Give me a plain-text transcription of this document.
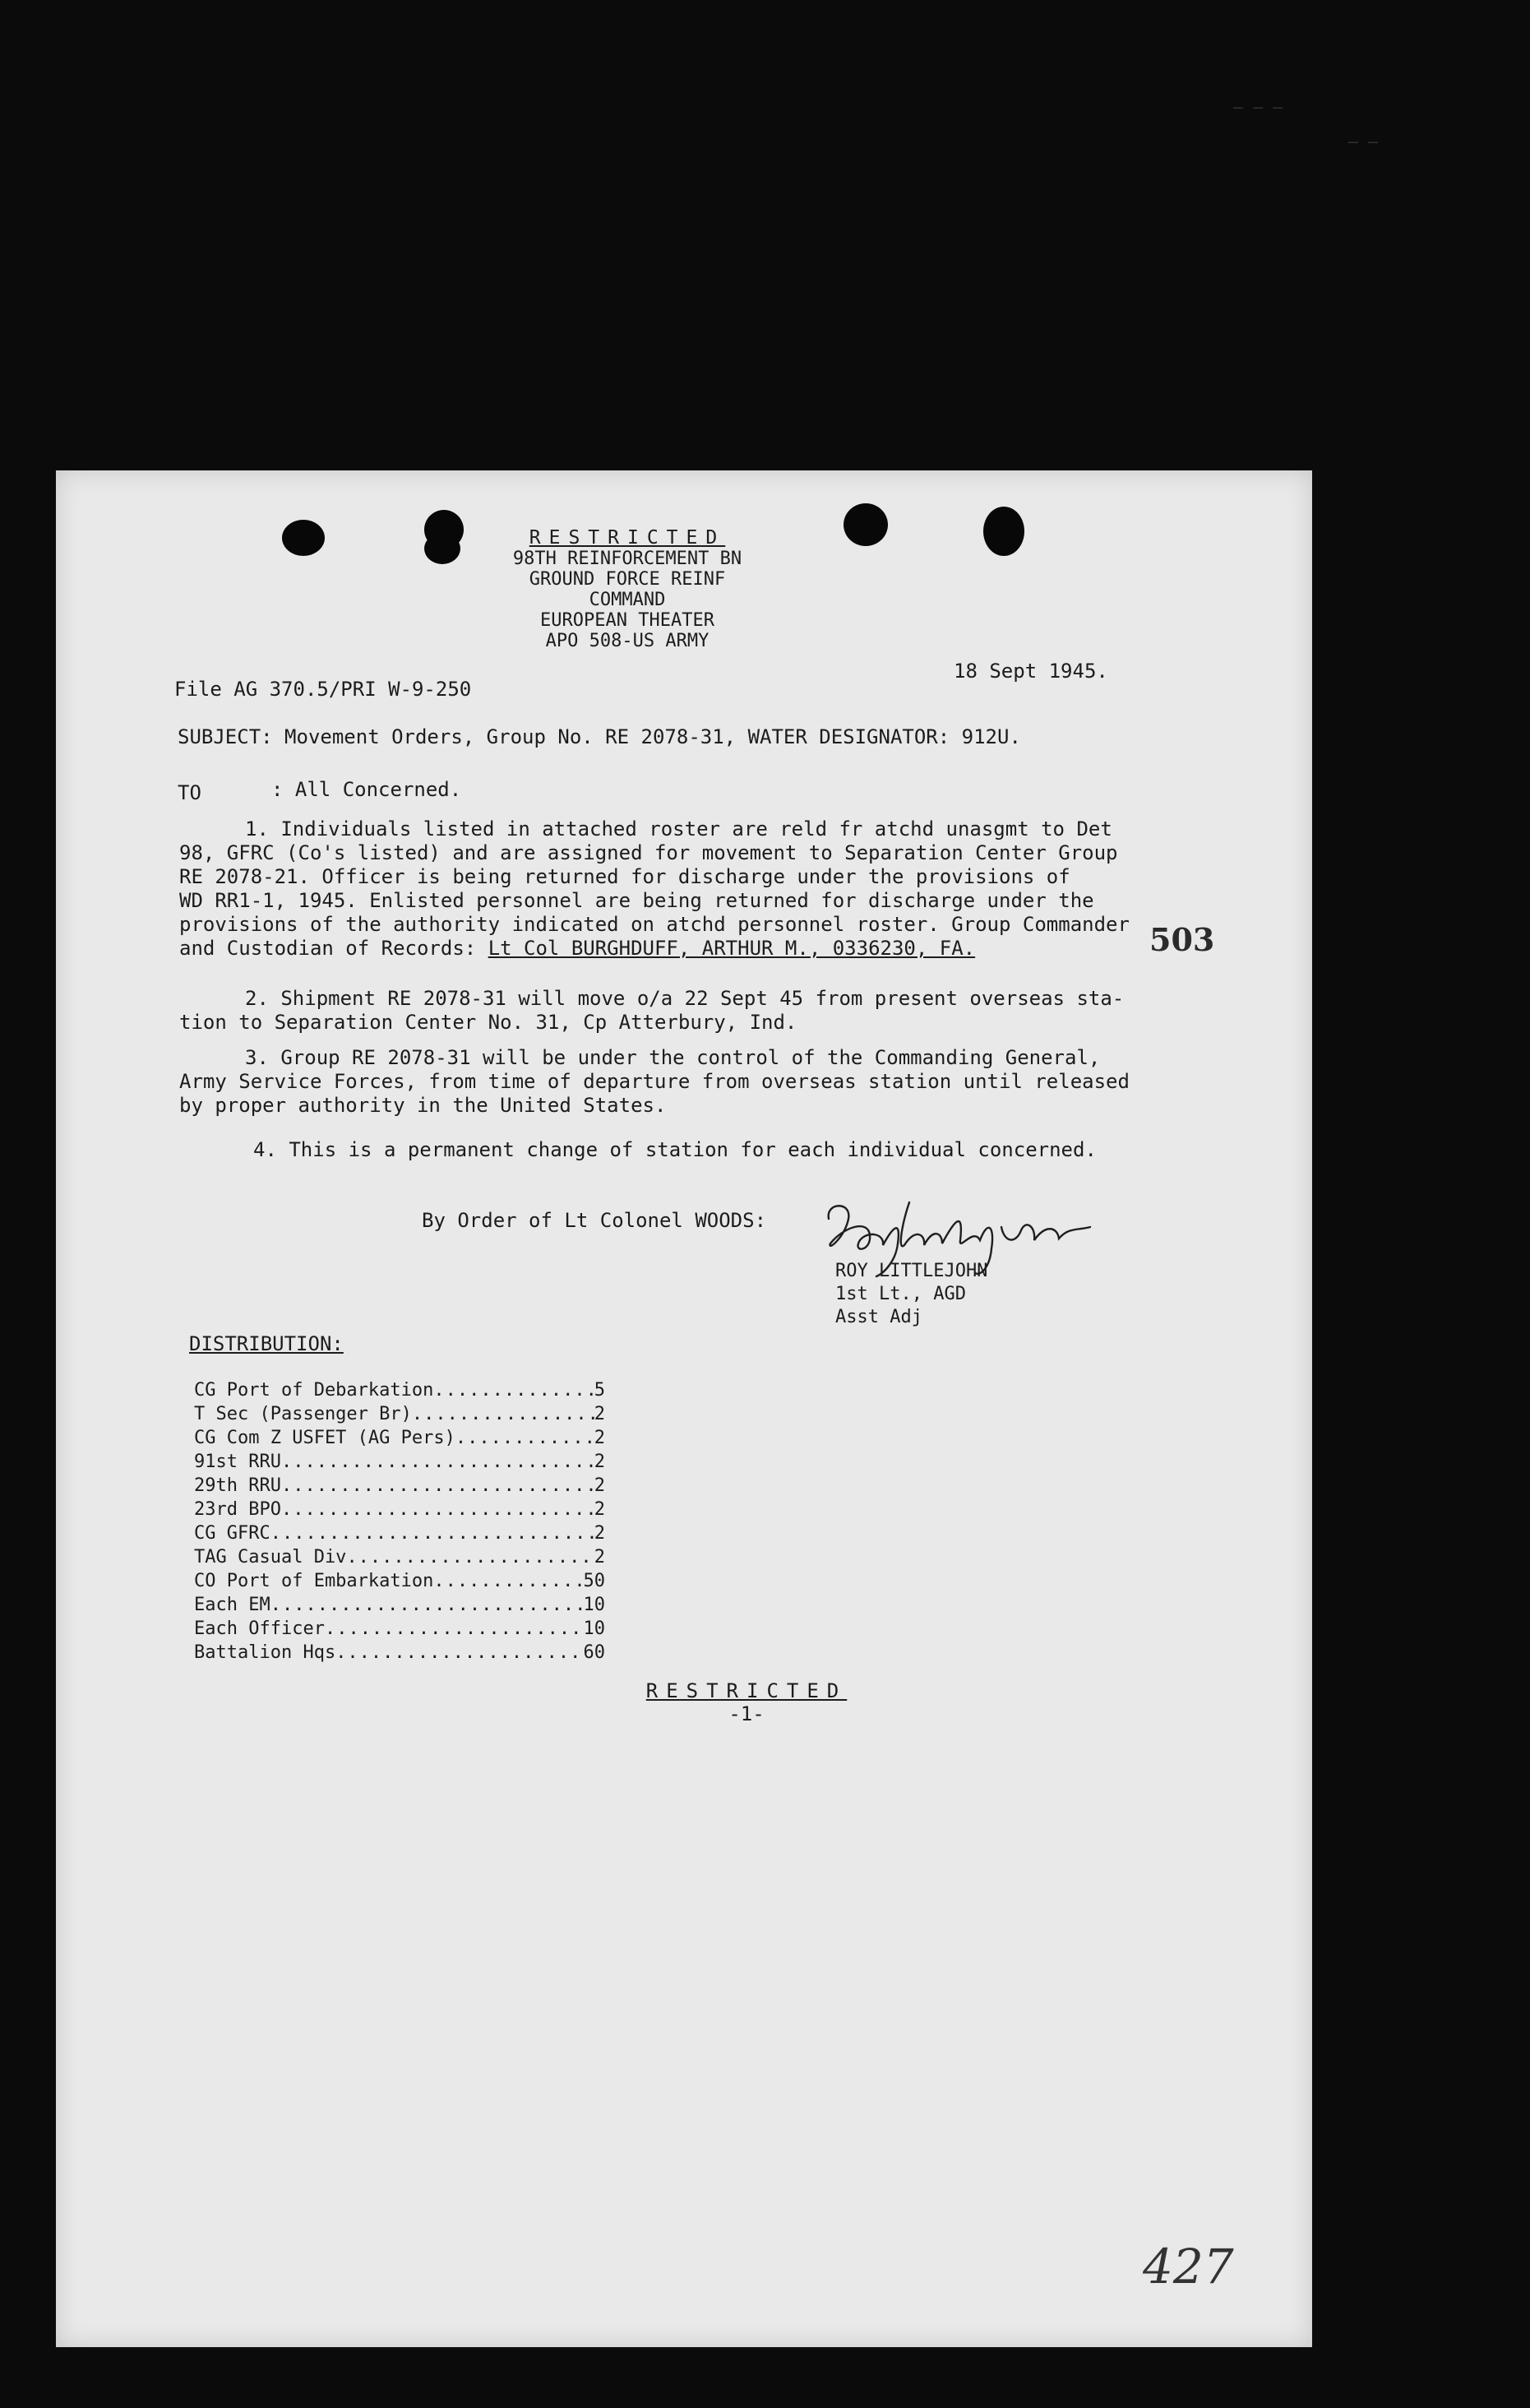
— — —
— —
RESTRICTED
98TH REINFORCEMENT BN
GROUND FORCE REINF COMMAND
EUROPEAN THEATER
APO 508-US ARMY
File AG 370.5/PRI W-9-250
18 Sept 1945.
SUBJECT: Movement Orders, Group No. RE 2078-31, WATER DESIGNATOR: 912U.
TO	: All Concerned.
1. Individuals listed in attached roster are reld fr atchd unasgmt to Det
98, GFRC (Co's listed) and are assigned for movement to Separation Center Group
RE 2078-21. Officer is being returned for discharge under the provisions of
WD RR1-1, 1945. Enlisted personnel are being returned for discharge under the
provisions of the authority indicated on atchd personnel roster. Group Commander
and Custodian of Records: Lt Col BURGHDUFF, ARTHUR M., 0336230, FA.	503
2. Shipment RE 2078-31 will move o/a 22 Sept 45 from present overseas sta-
tion to Separation Center No. 31, Cp Atterbury, Ind.
3. Group RE 2078-31 will be under the control of the Commanding General,
Army Service Forces, from time of departure from overseas station until released
by proper authority in the United States.
4. This is a permanent change of station for each individual concerned.
By Order of Lt Colonel WOODS:
ROY LITTLEJOHN
1st Lt., AGD
Asst Adj
DISTRIBUTION:
CG Port of Debarkation .....	5
T Sec (Passenger Br) .....	2
CG Com Z USFET (AG Pers) .....	2
91st RRU .....	2
29th RRU .....	2
23rd BPO .....	2
CG GFRC .....	2
TAG Casual Div .....	2
CO Port of Embarkation .....	50
Each EM .....	10
Each Officer .....	10
Battalion Hqs .....	60
RESTRICTED
-1-
427
